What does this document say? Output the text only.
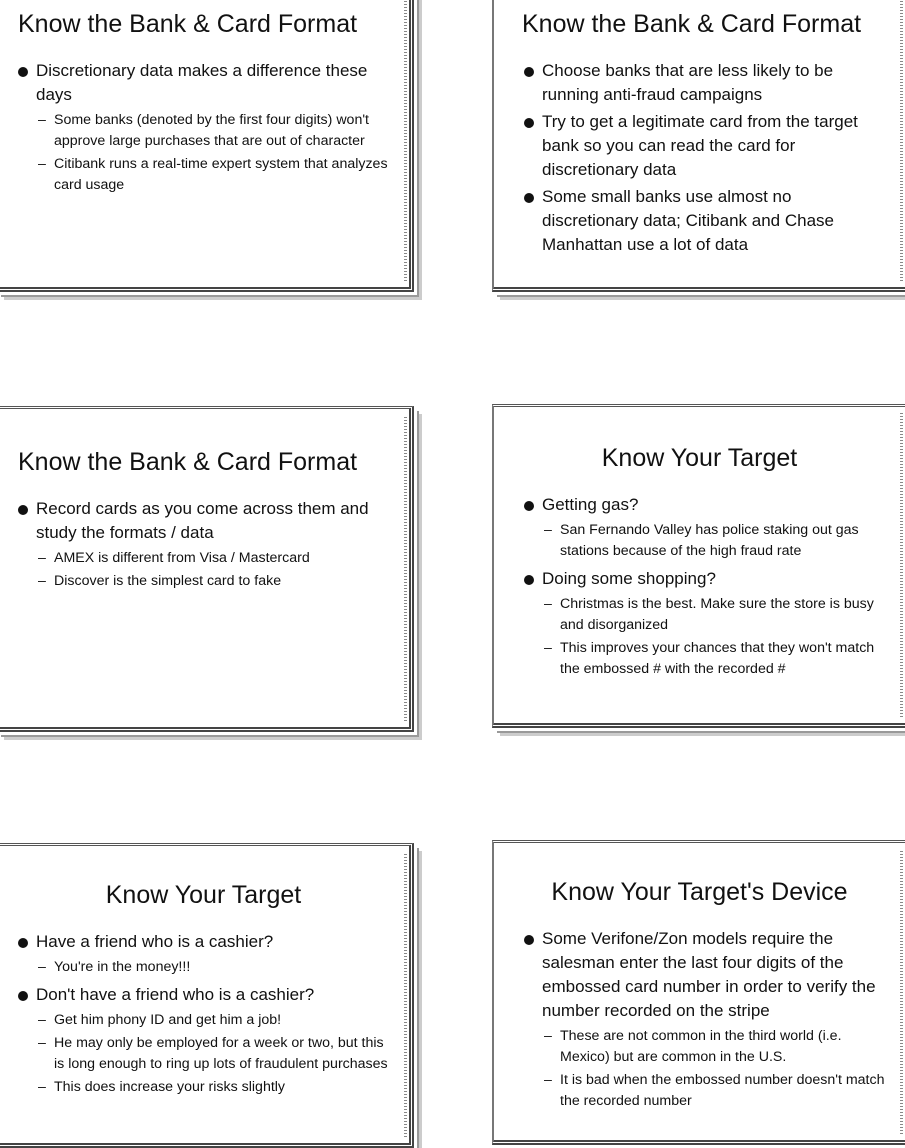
Know the Bank & Card Format
Discretionary data makes a difference these days
– Some banks (denoted by the first four digits) won't approve large purchases that are out of character
– Citibank runs a real-time expert system that analyzes card usage
Know the Bank & Card Format
Choose banks that are less likely to be running anti-fraud campaigns
Try to get a legitimate card from the target bank so you can read the card for discretionary data
Some small banks use almost no discretionary data; Citibank and Chase Manhattan use a lot of data
Know the Bank & Card Format
Record cards as you come across them and study the formats / data
– AMEX is different from Visa / Mastercard
– Discover is the simplest card to fake
Know Your Target
Getting gas?
– San Fernando Valley has police staking out gas stations because of the high fraud rate
Doing some shopping?
– Christmas is the best. Make sure the store is busy and disorganized
– This improves your chances that they won't match the embossed # with the recorded #
Know Your Target
Have a friend who is a cashier?
– You're in the money!!!
Don't have a friend who is a cashier?
– Get him phony ID and get him a job!
– He may only be employed for a week or two, but this is long enough to ring up lots of fraudulent purchases
– This does increase your risks slightly
Know Your Target's Device
Some Verifone/Zon models require the salesman enter the last four digits of the embossed card number in order to verify the number recorded on the stripe
– These are not common in the third world (i.e. Mexico) but are common in the U.S.
– It is bad when the embossed number doesn't match the recorded number
